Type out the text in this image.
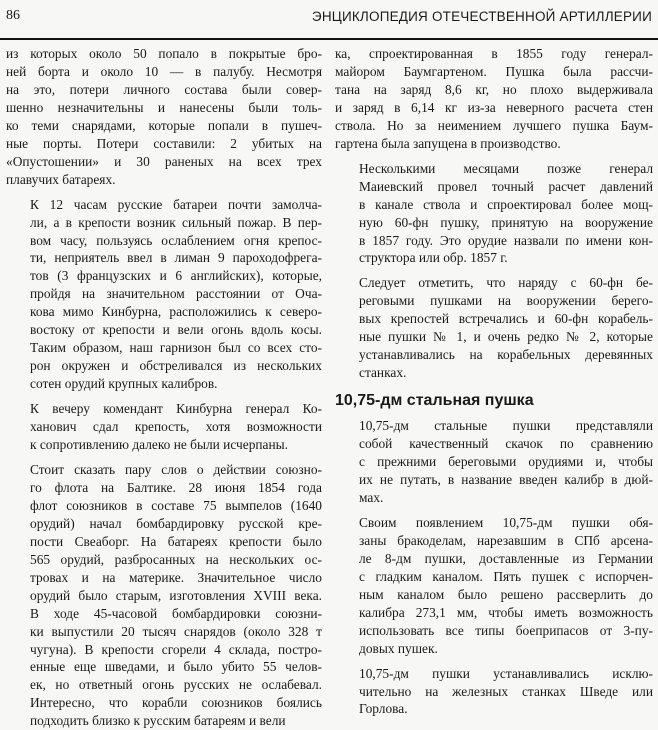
86	ЭНЦИКЛОПЕДИЯ ОТЕЧЕСТВЕННОЙ АРТИЛЛЕРИИ

из которых около 50 попало в покрытые бро-
ней борта и около 10 — в палубу. Несмотря
на это, потери личного состава были совер-
шенно незначительны и нанесены были толь-
ко теми снарядами, которые попали в пушеч-
ные порты. Потери составили: 2 убитых на
«Опустошении» и 30 раненых на всех трех
плавучих батареях.

К 12 часам русские батареи почти замолча-
ли, а в крепости возник сильный пожар. В пер-
вом часу, пользуясь ослаблением огня крепос-
ти, неприятель ввел в лиман 9 пароходофрега-
тов (3 французских и 6 английских), которые,
пройдя на значительном расстоянии от Оча-
кова мимо Кинбурна, расположились к северо-
востоку от крепости и вели огонь вдоль косы.
Таким образом, наш гарнизон был со всех сто-
рон окружен и обстреливался из нескольких
сотен орудий крупных калибров.

К вечеру комендант Кинбурна генерал Ко-
ханович сдал крепость, хотя возможности
к сопротивлению далеко не были исчерпаны.

Стоит сказать пару слов о действии союзно-
го флота на Балтике. 28 июня 1854 года
флот союзников в составе 75 вымпелов (1640
орудий) начал бомбардировку русской кре-
пости Свеаборг. На батареях крепости было
565 орудий, разбросанных на нескольких ос-
тровах и на материке. Значительное число
орудий было старым, изготовления XVIII века.
В ходе 45-часовой бомбардировки союзни-
ки выпустили 20 тысяч снарядов (около 328 т
чугуна). В крепости сгорели 4 склада, постро-
енные еще шведами, и было убито 55 челов-
ек, но ответный огонь русских не ослабевал.
Интересно, что корабли союзников боялись
подходить близко к русским батареям и вели

ка, спроектированная в 1855 году генерал-
майором Баумгартеном. Пушка была рассчи-
тана на заряд 8,6 кг, но плохо выдерживала
и заряд в 6,14 кг из-за неверного расчета стен
ствола. Но за неимением лучшего пушка Баум-
гартена была запущена в производство.

Несколькими месяцами позже генерал
Маиевский провел точный расчет давлений
в канале ствола и спроектировал более мощ-
ную 60-фн пушку, принятую на вооружение
в 1857 году. Это орудие назвали по имени кон-
структора или обр. 1857 г.

Следует отметить, что наряду с 60-фн бе-
реговыми пушками на вооружении берего-
вых крепостей встречались и 60-фн корабель-
ные пушки № 1, и очень редко № 2, которые
устанавливались на корабельных деревянных
станках.

10,75-дм стальная пушка

10,75-дм стальные пушки представляли
собой качественный скачок по сравнению
с прежними береговыми орудиями и, чтобы
их не путать, в название введен калибр в дюй-
мах.

Своим появлением 10,75-дм пушки обя-
заны бракоделам, нарезавшим в СПб арсена-
ле 8-дм пушки, доставленные из Германии
с гладким каналом. Пять пушек с испорчен-
ным каналом было решено рассверлить до
калибра 273,1 мм, чтобы иметь возможность
использовать все типы боеприпасов от 3-пу-
довых пушек.

10,75-дм пушки устанавливались исклю-
чительно на железных станках Шведе или
Горлова.
